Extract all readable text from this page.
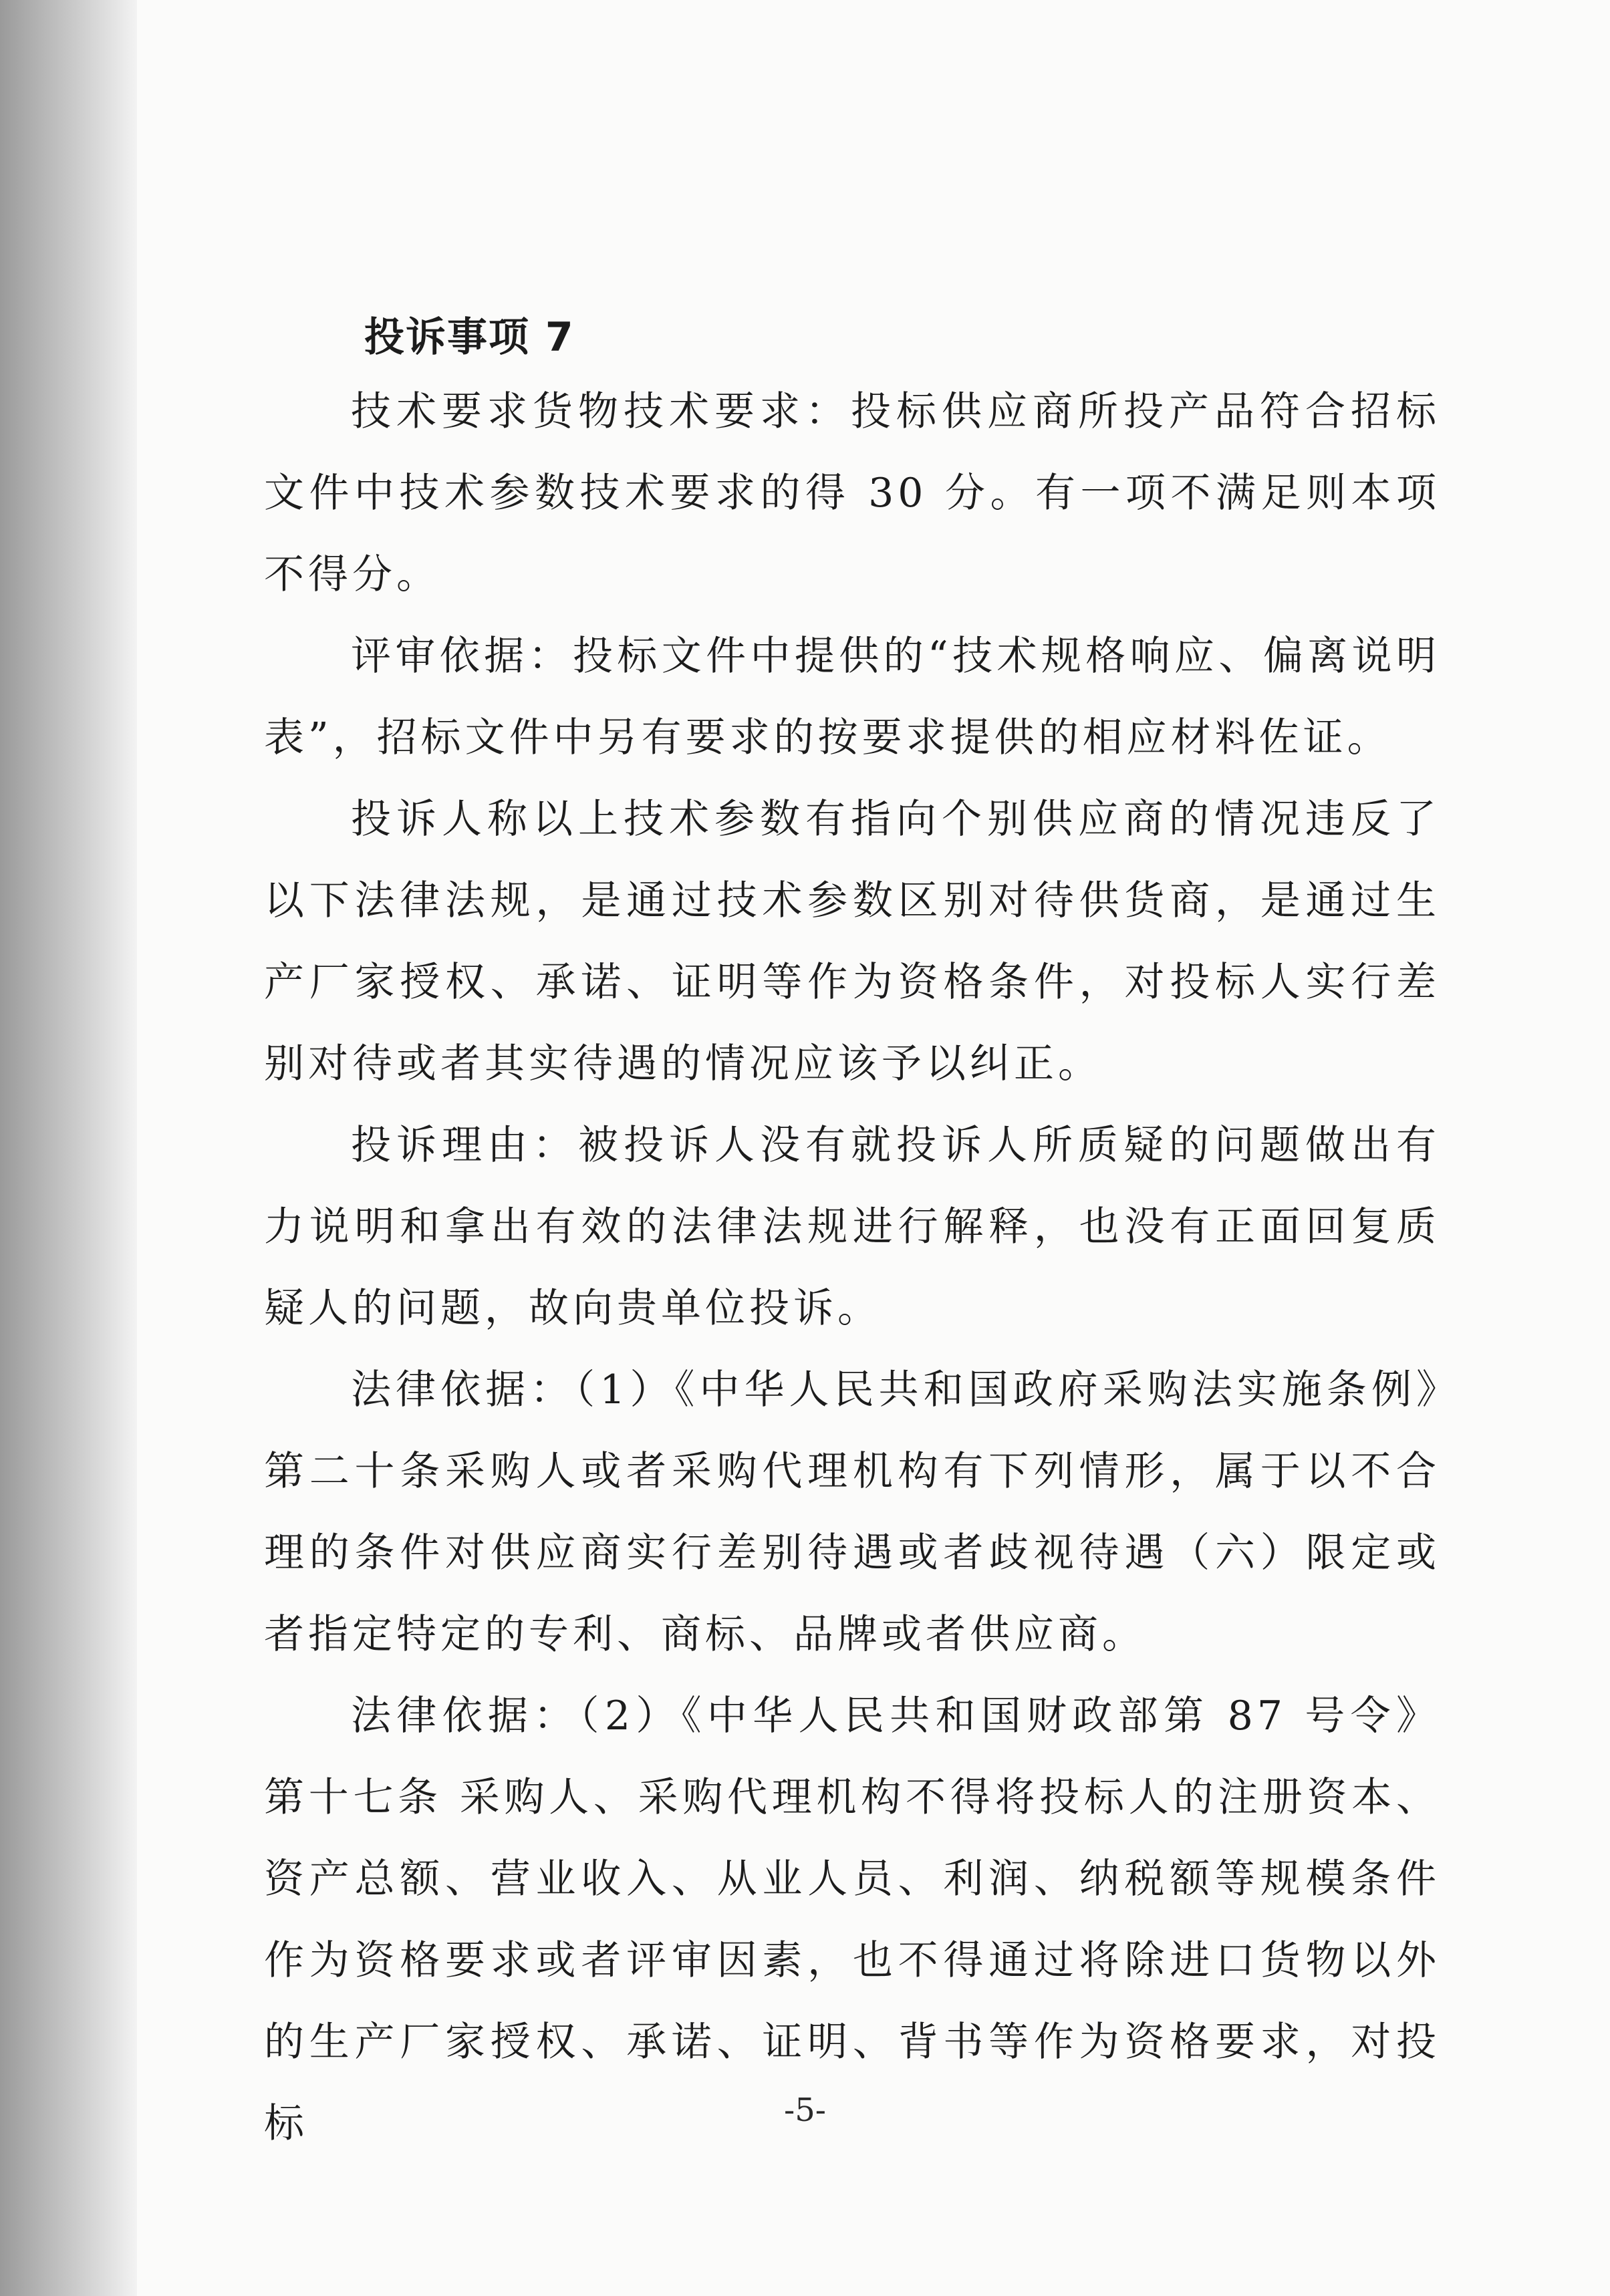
投诉事项 7

技术要求货物技术要求：投标供应商所投产品符合招标文件中技术参数技术要求的得 30 分。有一项不满足则本项不得分。

评审依据：投标文件中提供的“技术规格响应、偏离说明表”，招标文件中另有要求的按要求提供的相应材料佐证。

投诉人称以上技术参数有指向个别供应商的情况违反了以下法律法规，是通过技术参数区别对待供货商，是通过生产厂家授权、承诺、证明等作为资格条件，对投标人实行差别对待或者其实待遇的情况应该予以纠正。

投诉理由：被投诉人没有就投诉人所质疑的问题做出有力说明和拿出有效的法律法规进行解释，也没有正面回复质疑人的问题，故向贵单位投诉。

法律依据：（1）《中华人民共和国政府采购法实施条例》第二十条采购人或者采购代理机构有下列情形，属于以不合理的条件对供应商实行差别待遇或者歧视待遇（六）限定或者指定特定的专利、商标、品牌或者供应商。

法律依据：（2）《中华人民共和国财政部第 87 号令》第十七条 采购人、采购代理机构不得将投标人的注册资本、资产总额、营业收入、从业人员、利润、纳税额等规模条件作为资格要求或者评审因素，也不得通过将除进口货物以外的生产厂家授权、承诺、证明、背书等作为资格要求，对投标	-5-
